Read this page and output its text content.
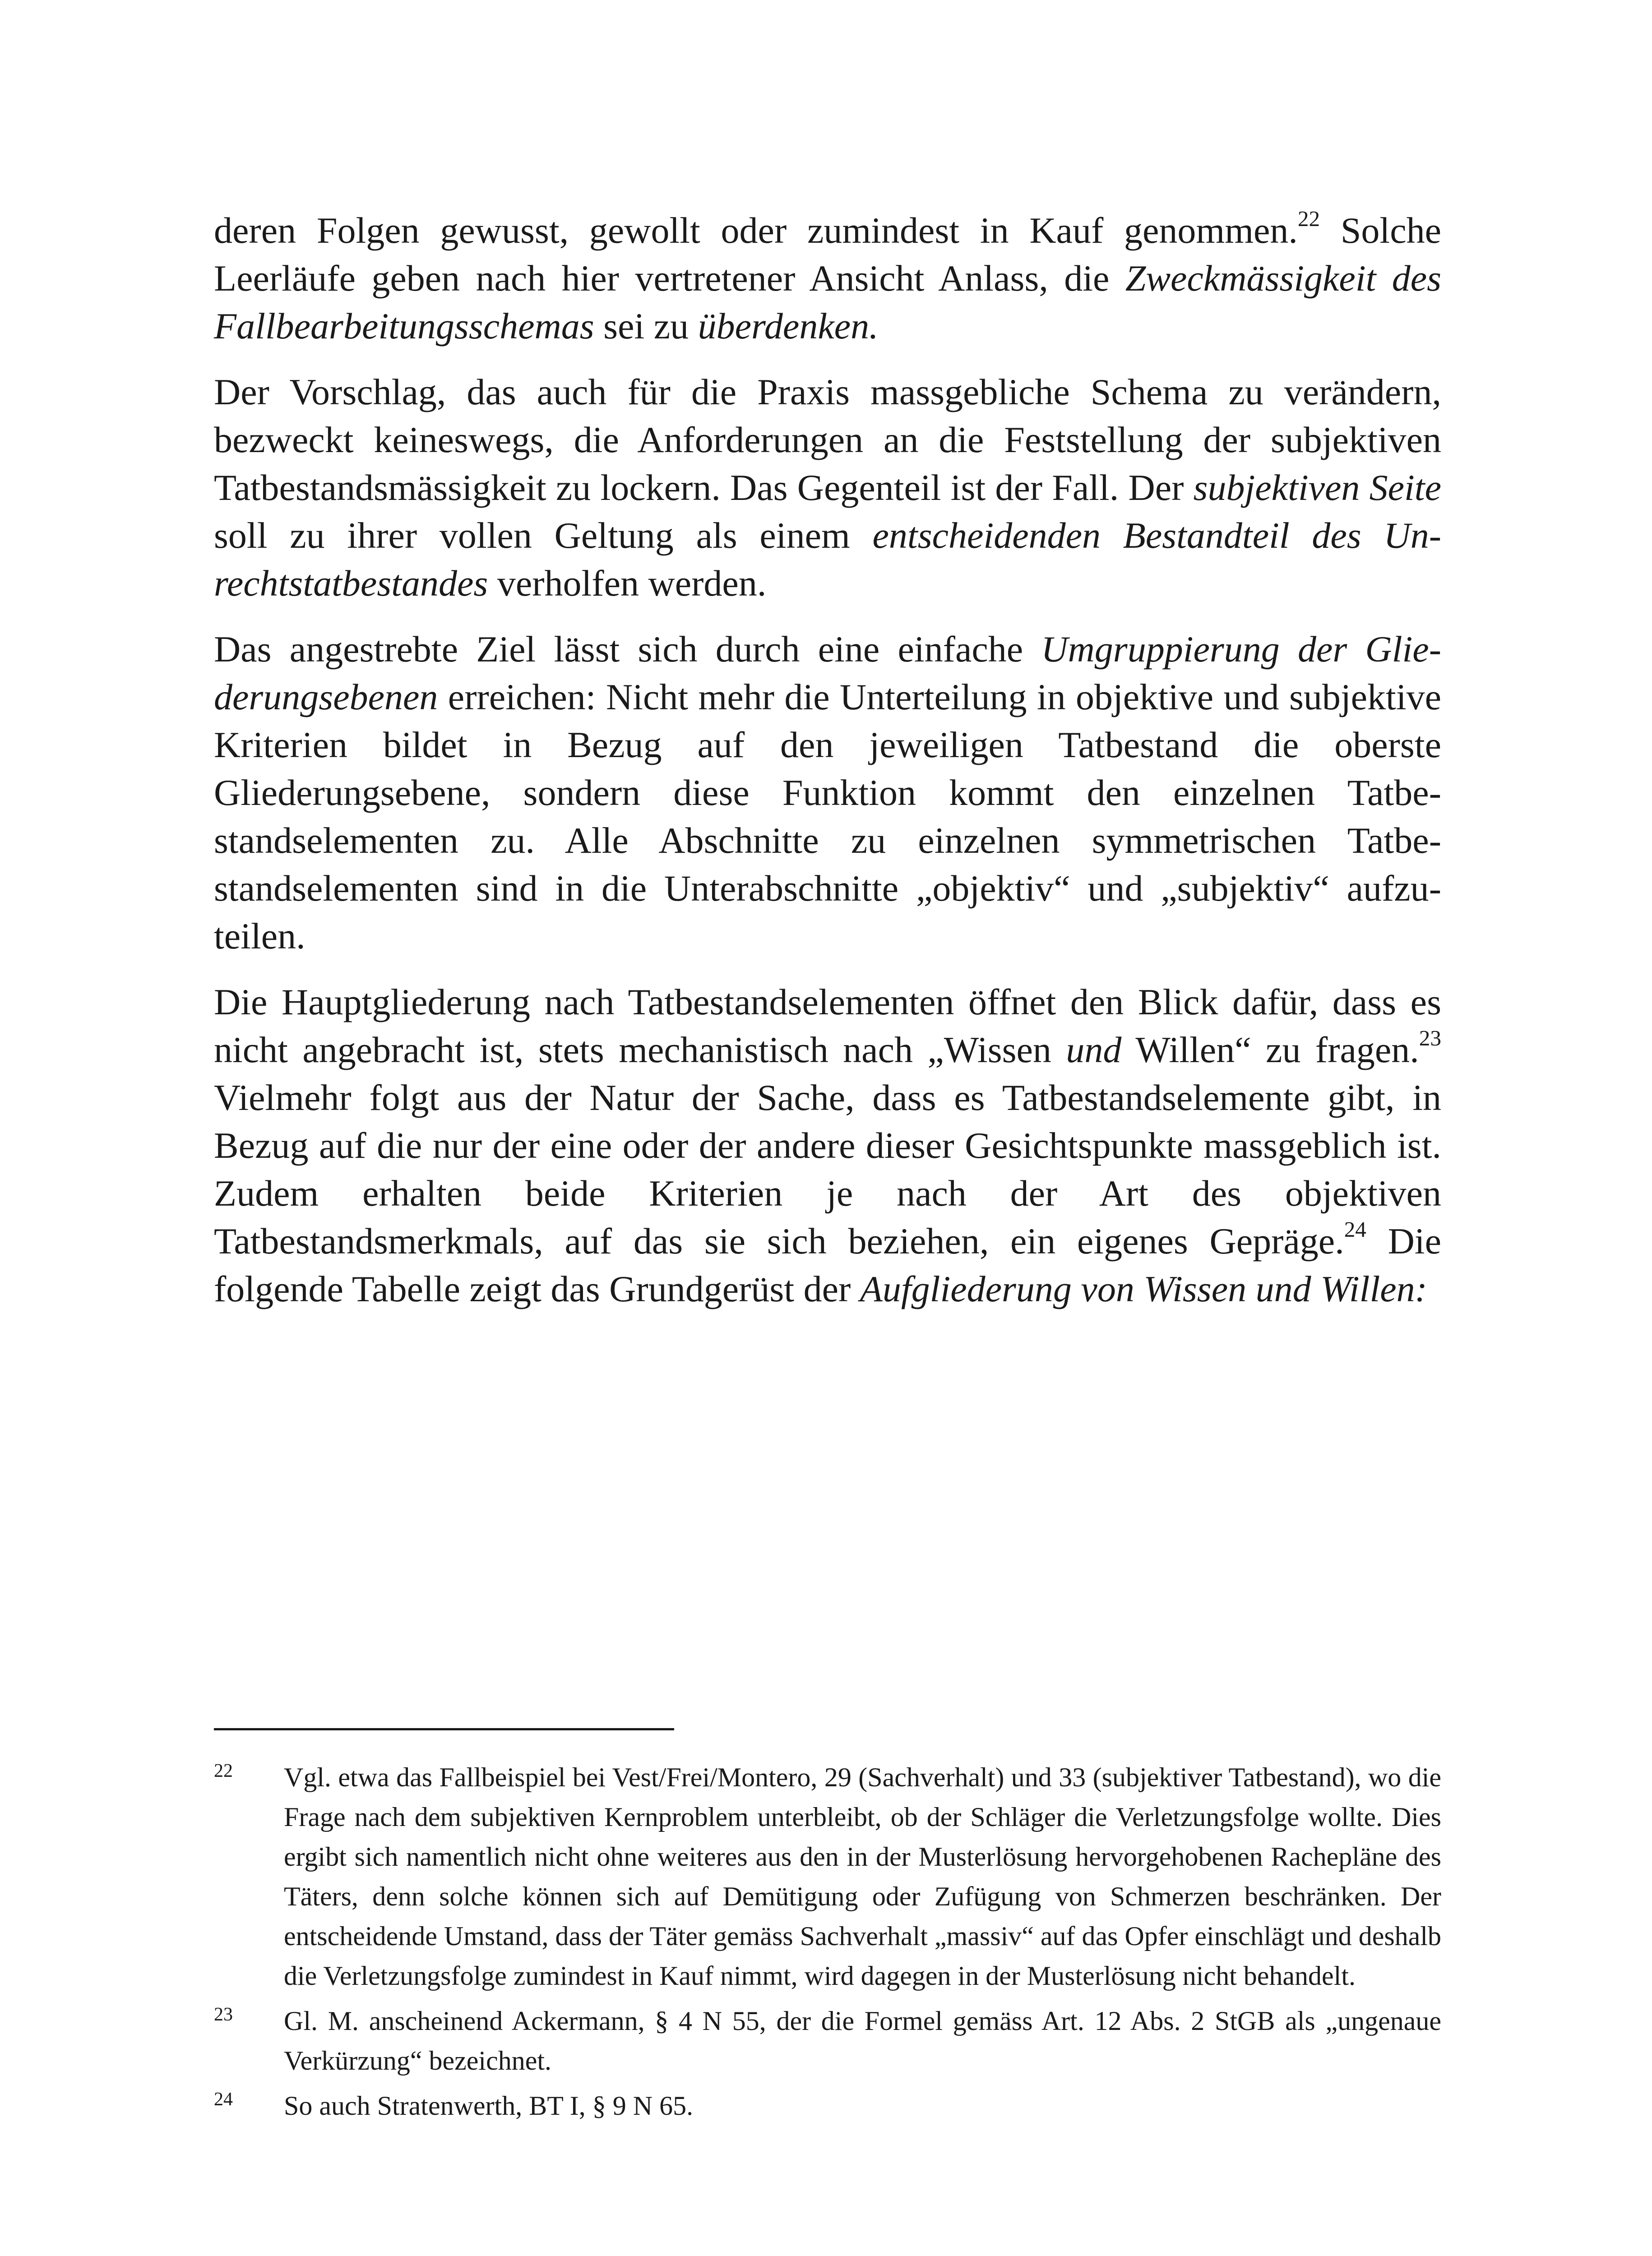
deren Folgen gewusst, gewollt oder zumindest in Kauf genommen.$^{22}$ Solche Leerläufe geben nach hier vertretener Ansicht Anlass, die Zweckmässigkeit des Fallbearbeitungsschemas sei zu überdenken.

Der Vorschlag, das auch für die Praxis massgebliche Schema zu verändern, bezweckt keineswegs, die Anforderungen an die Feststellung der subjektiven Tatbestandsmässigkeit zu lockern. Das Gegenteil ist der Fall. Der subjektiven Seite soll zu ihrer vollen Geltung als einem entscheidenden Bestandteil des Unrechtstatbestandes verholfen werden.

Das angestrebte Ziel lässt sich durch eine einfache Umgruppierung der Gliederungsebenen erreichen: Nicht mehr die Unterteilung in objektive und subjektive Kriterien bildet in Bezug auf den jeweiligen Tatbestand die oberste Gliederungsebene, sondern diese Funktion kommt den einzelnen Tatbestandselementen zu. Alle Abschnitte zu einzelnen symmetrischen Tatbestandselementen sind in die Unterabschnitte „objektiv“ und „subjektiv“ aufzuteilen.

Die Hauptgliederung nach Tatbestandselementen öffnet den Blick dafür, dass es nicht angebracht ist, stets mechanistisch nach „Wissen und Willen“ zu fragen.$^{23}$ Vielmehr folgt aus der Natur der Sache, dass es Tatbestandselemente gibt, in Bezug auf die nur der eine oder der andere dieser Gesichtspunkte massgeblich ist. Zudem erhalten beide Kriterien je nach der Art des objektiven Tatbestandsmerkmals, auf das sie sich beziehen, ein eigenes Gepräge.$^{24}$ Die folgende Tabelle zeigt das Grundgerüst der Aufgliederung von Wissen und Willen:

22	Vgl. etwa das Fallbeispiel bei Vest/Frei/Montero, 29 (Sachverhalt) und 33 (subjektiver Tatbestand), wo die Frage nach dem subjektiven Kernproblem unterbleibt, ob der Schläger die Verletzungsfolge wollte. Dies ergibt sich namentlich nicht ohne weiteres aus den in der Musterlösung hervorgehobenen Rachepläne des Täters, denn solche können sich auf Demütigung oder Zufügung von Schmerzen beschränken. Der entscheidende Umstand, dass der Täter gemäss Sachverhalt „massiv“ auf das Opfer einschlägt und deshalb die Verletzungsfolge zumindest in Kauf nimmt, wird dagegen in der Musterlösung nicht behandelt.
23	Gl. M. anscheinend Ackermann, § 4 N 55, der die Formel gemäss Art. 12 Abs. 2 StGB als „ungenaue Verkürzung“ bezeichnet.
24	So auch Stratenwerth, BT I, § 9 N 65.
